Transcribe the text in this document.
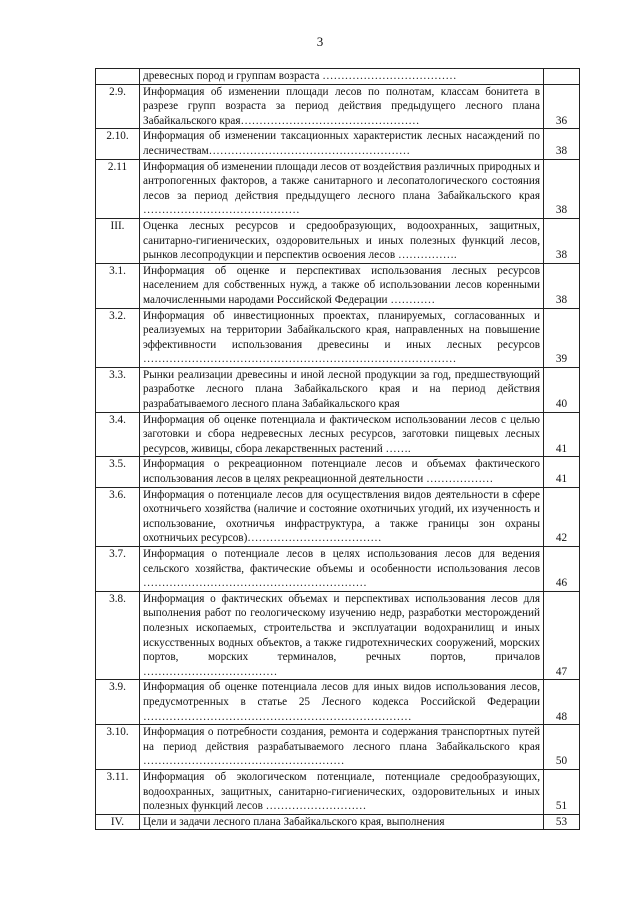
3
	древесных пород и группам возраста ………………………………	
2.9.	Информация об изменении площади лесов по полнотам, классам бонитета в разрезе групп возраста за период действия предыдущего лесного плана Забайкальского края…………………………………………	36
2.10.	Информация об изменении таксационных характеристик лесных насаждений по лесничествам………………………………………………	38
2.11	Информация об изменении площади лесов от воздействия различных природных и антропогенных факторов, а также санитарного и лесопатологического состояния лесов за период действия предыдущего лесного плана Забайкальского края ……………………………………	38
III.	Оценка лесных ресурсов и средообразующих, водоохранных, защитных, санитарно-гигиенических, оздоровительных и иных полезных функций лесов, рынков лесопродукции и перспектив освоения лесов …………….	38
3.1.	Информация об оценке и перспективах использования лесных ресурсов населением для собственных нужд, а также об использовании лесов коренными малочисленными народами Российской Федерации …………	38
3.2.	Информация об инвестиционных проектах, планируемых, согласованных и реализуемых на территории Забайкальского края, направленных на повышение эффективности использования древесины и иных лесных ресурсов …………………………………………………………………………	39
3.3.	Рынки реализации древесины и иной лесной продукции за год, предшествующий разработке лесного плана Забайкальского края и на период действия разрабатываемого лесного плана Забайкальского края	40
3.4.	Информация об оценке потенциала и фактическом использовании лесов с целью заготовки и сбора недревесных лесных ресурсов, заготовки пищевых лесных ресурсов, живицы, сбора лекарственных растений …….	41
3.5.	Информация о рекреационном потенциале лесов и объемах фактического использования лесов в целях рекреационной деятельности ………………	41
3.6.	Информация о потенциале лесов для осуществления видов деятельности в сфере охотничьего хозяйства (наличие и состояние охотничьих угодий, их изученность и использование, охотничья инфраструктура, а также границы зон охраны охотничьих ресурсов)………………………………	42
3.7.	Информация о потенциале лесов в целях использования лесов для ведения сельского хозяйства, фактические объемы и особенности использования лесов ……………………………………………………	46
3.8.	Информация о фактических объемах и перспективах использования лесов для выполнения работ по геологическому изучению недр, разработки месторождений полезных ископаемых, строительства и эксплуатации водохранилищ и иных искусственных водных объектов, а также гидротехнических сооружений, морских портов, морских терминалов, речных портов, причалов ………………………………	47
3.9.	Информация об оценке потенциала лесов для иных видов использования лесов, предусмотренных в статье 25 Лесного кодекса Российской Федерации ………………………………………………………………	48
3.10.	Информация о потребности создания, ремонта и содержания транспортных путей на период действия разрабатываемого лесного плана Забайкальского края ………………………………………………	50
3.11.	Информация об экологическом потенциале, потенциале средообразующих, водоохранных, защитных, санитарно-гигиенических, оздоровительных и иных полезных функций лесов ………………………	51
IV.	Цели и задачи лесного плана Забайкальского края, выполнения	53
